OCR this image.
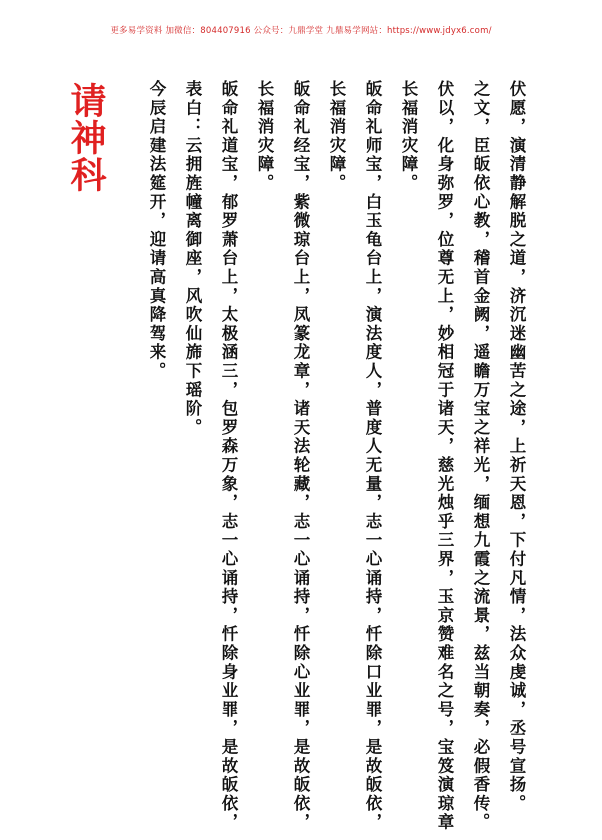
更多易学资料 加微信：804407916 公众号：九鼎学堂 九鼎易学网站：https://www.jdyx6.com/
请神科	伏愿，演清静解脱之道，济沉迷幽苦之途，上祈天恩，下付凡情，法众虔诚，丞号宣扬。
之文，臣皈依心教，稽首金阙，遥瞻万宝之祥光，缅想九霞之流景，兹当朝奏，必假香传。
伏以，化身弥罗，位尊无上，妙相冠于诸天，慈光烛乎三界，玉京赞难名之号，宝笈演琼章
长福消灾障。
皈命礼师宝，白玉龟台上，演法度人，普度人无量，志一心诵持，忏除口业罪，是故皈依，
长福消灾障。
皈命礼经宝，紫微琼台上，凤篆龙章，诸天法轮藏，志一心诵持，忏除心业罪，是故皈依，
长福消灾障。
皈命礼道宝，郁罗萧台上，太极涵三，包罗森万象，志一心诵持，忏除身业罪，是故皈依，
表白：云拥旌幢离御座，风吹仙旆下瑶阶。
今辰启建法筵开，迎请高真降驾来。
